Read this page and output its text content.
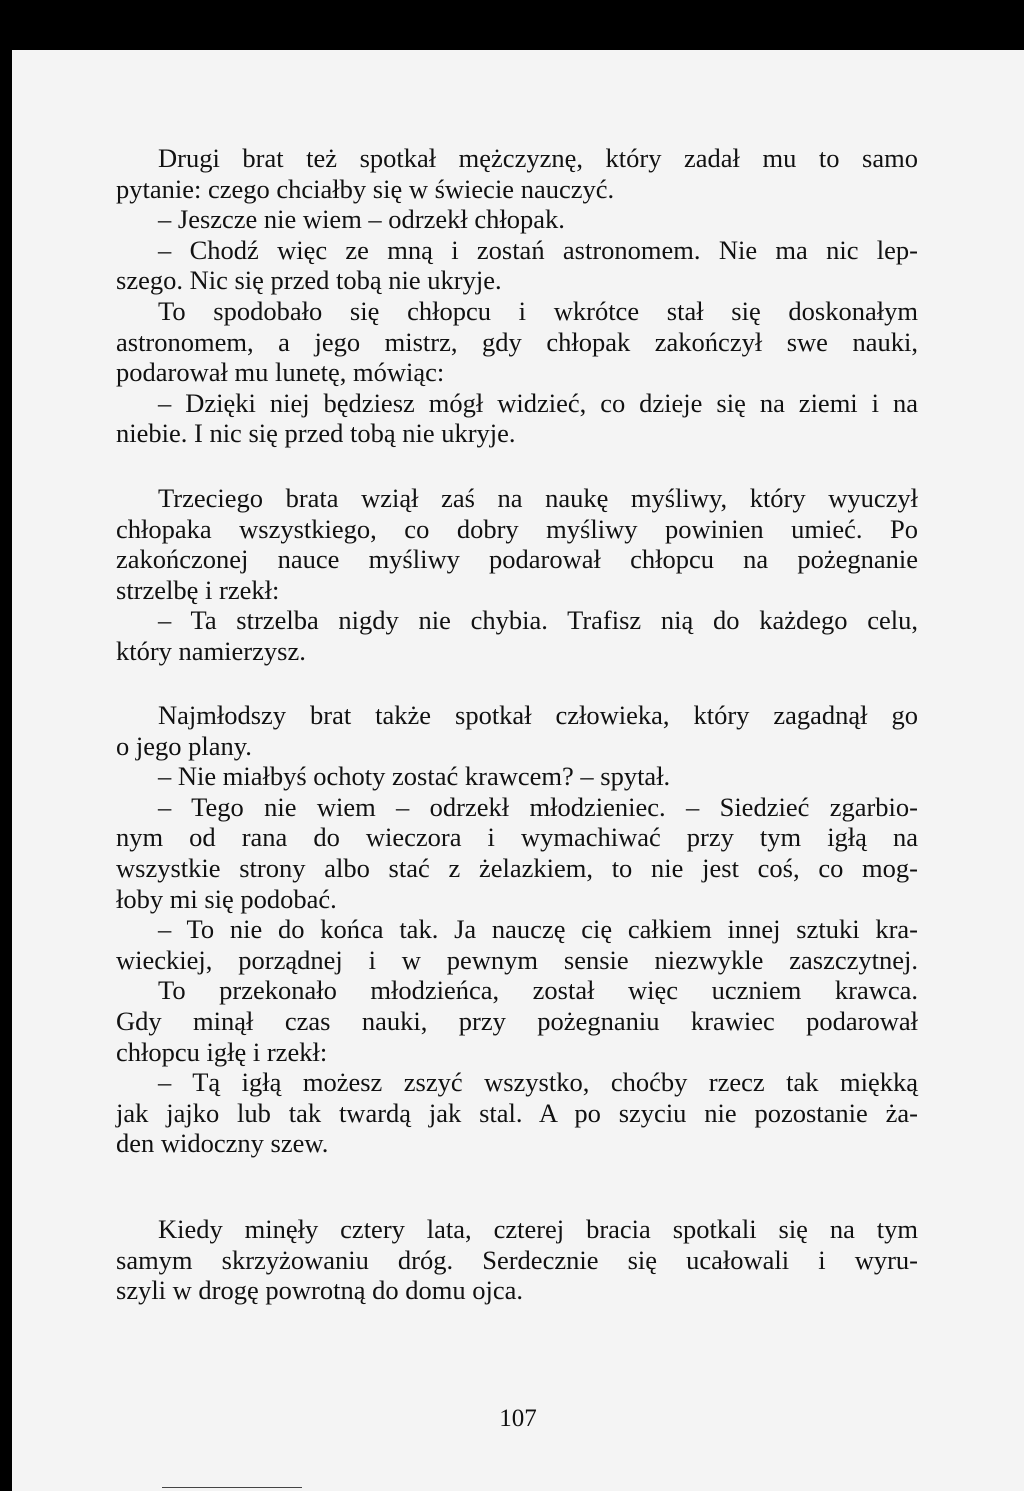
Drugi brat też spotkał mężczyznę, który zadał mu to samo
pytanie: czego chciałby się w świecie nauczyć.
– Jeszcze nie wiem – odrzekł chłopak.
– Chodź więc ze mną i zostań astronomem. Nie ma nic lep-
szego. Nic się przed tobą nie ukryje.
To spodobało się chłopcu i wkrótce stał się doskonałym
astronomem, a jego mistrz, gdy chłopak zakończył swe nauki,
podarował mu lunetę, mówiąc:
– Dzięki niej będziesz mógł widzieć, co dzieje się na ziemi i na
niebie. I nic się przed tobą nie ukryje.
Trzeciego brata wziął zaś na naukę myśliwy, który wyuczył
chłopaka wszystkiego, co dobry myśliwy powinien umieć. Po
zakończonej nauce myśliwy podarował chłopcu na pożegnanie
strzelbę i rzekł:
– Ta strzelba nigdy nie chybia. Trafisz nią do każdego celu,
który namierzysz.
Najmłodszy brat także spotkał człowieka, który zagadnął go
o jego plany.
– Nie miałbyś ochoty zostać krawcem? – spytał.
– Tego nie wiem – odrzekł młodzieniec. – Siedzieć zgarbio-
nym od rana do wieczora i wymachiwać przy tym igłą na
wszystkie strony albo stać z żelazkiem, to nie jest coś, co mog-
łoby mi się podobać.
– To nie do końca tak. Ja nauczę cię całkiem innej sztuki kra-
wieckiej, porządnej i w pewnym sensie niezwykle zaszczytnej.
To przekonało młodzieńca, został więc uczniem krawca.
Gdy minął czas nauki, przy pożegnaniu krawiec podarował
chłopcu igłę i rzekł:
– Tą igłą możesz zszyć wszystko, choćby rzecz tak miękką
jak jajko lub tak twardą jak stal. A po szyciu nie pozostanie ża-
den widoczny szew.
Kiedy minęły cztery lata, czterej bracia spotkali się na tym
samym skrzyżowaniu dróg. Serdecznie się ucałowali i wyru-
szyli w drogę powrotną do domu ojca.
107
